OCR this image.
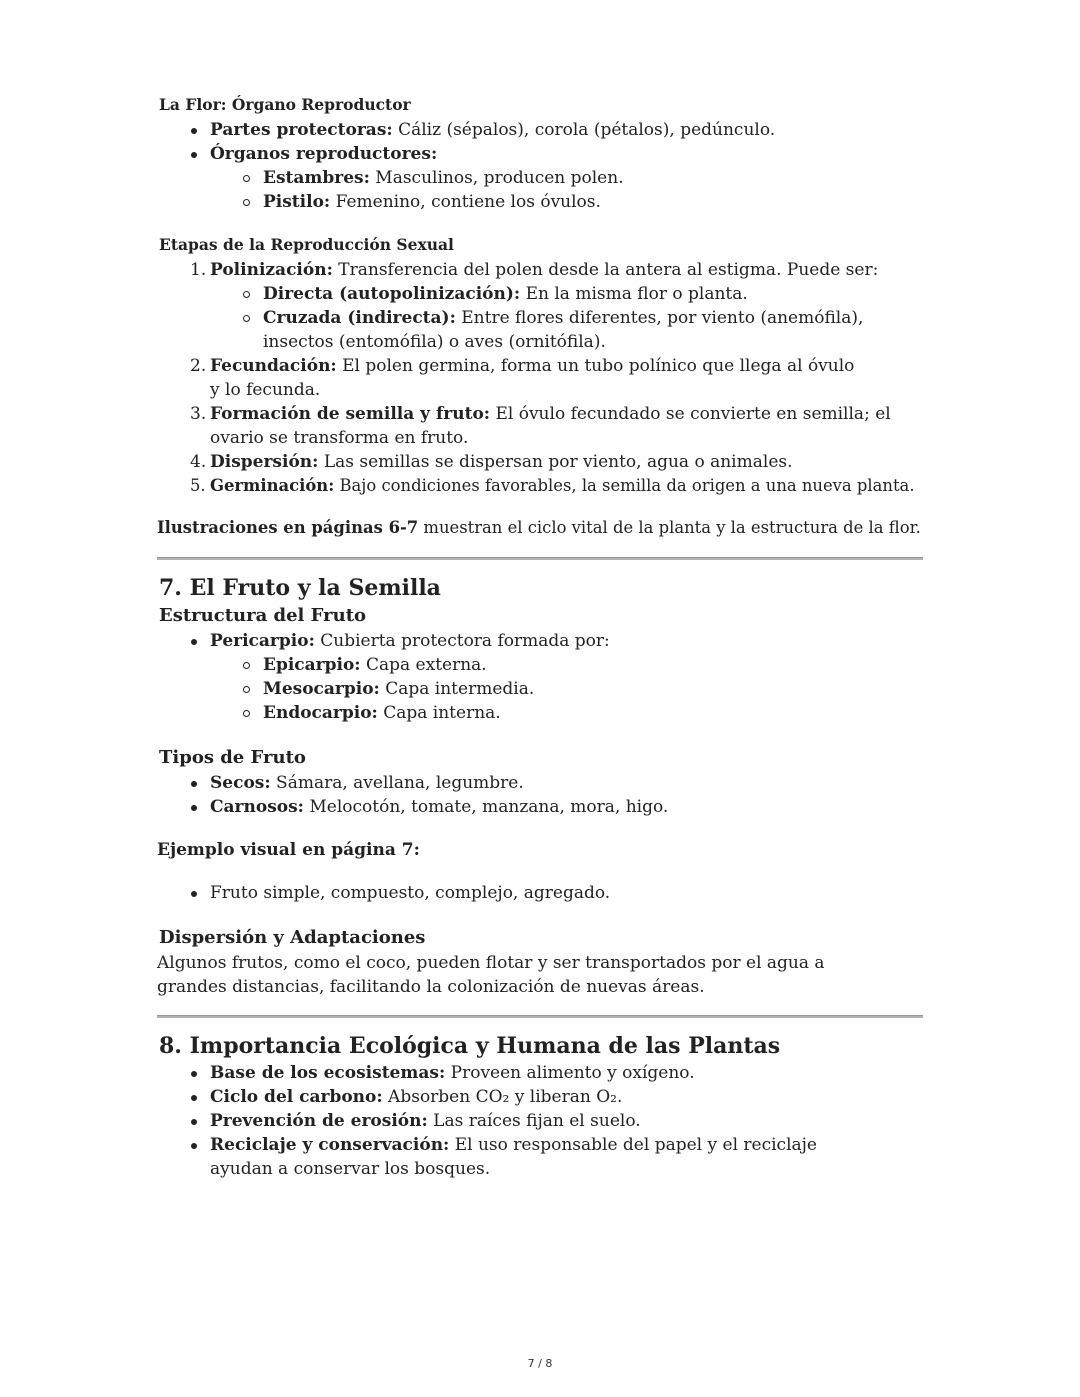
La Flor: Órgano Reproductor
Partes protectoras: Cáliz (sépalos), corola (pétalos), pedúnculo.
Órganos reproductores:
Estambres: Masculinos, producen polen.
Pistilo: Femenino, contiene los óvulos.
Etapas de la Reproducción Sexual
1. Polinización: Transferencia del polen desde la antera al estigma. Puede ser:
Directa (autopolinización): En la misma flor o planta.
Cruzada (indirecta): Entre flores diferentes, por viento (anemófila), insectos (entomófila) o aves (ornitófila).
2. Fecundación: El polen germina, forma un tubo polínico que llega al óvulo y lo fecunda.
3. Formación de semilla y fruto: El óvulo fecundado se convierte en semilla; el ovario se transforma en fruto.
4. Dispersión: Las semillas se dispersan por viento, agua o animales.
5. Germinación: Bajo condiciones favorables, la semilla da origen a una nueva planta.

Ilustraciones en páginas 6-7 muestran el ciclo vital de la planta y la estructura de la flor.

7. El Fruto y la Semilla
Estructura del Fruto
Pericarpio: Cubierta protectora formada por:
Epicarpio: Capa externa.
Mesocarpio: Capa intermedia.
Endocarpio: Capa interna.
Tipos de Fruto
Secos: Sámara, avellana, legumbre.
Carnosos: Melocotón, tomate, manzana, mora, higo.
Ejemplo visual en página 7:
Fruto simple, compuesto, complejo, agregado.
Dispersión y Adaptaciones

Algunos frutos, como el coco, pueden flotar y ser transportados por el agua a grandes distancias, facilitando la colonización de nuevas áreas.

8. Importancia Ecológica y Humana de las Plantas
Base de los ecosistemas: Proveen alimento y oxígeno.
Ciclo del carbono: Absorben CO₂ y liberan O₂.
Prevención de erosión: Las raíces fijan el suelo.
Reciclaje y conservación: El uso responsable del papel y el reciclaje ayudan a conservar los bosques.
7 / 8
